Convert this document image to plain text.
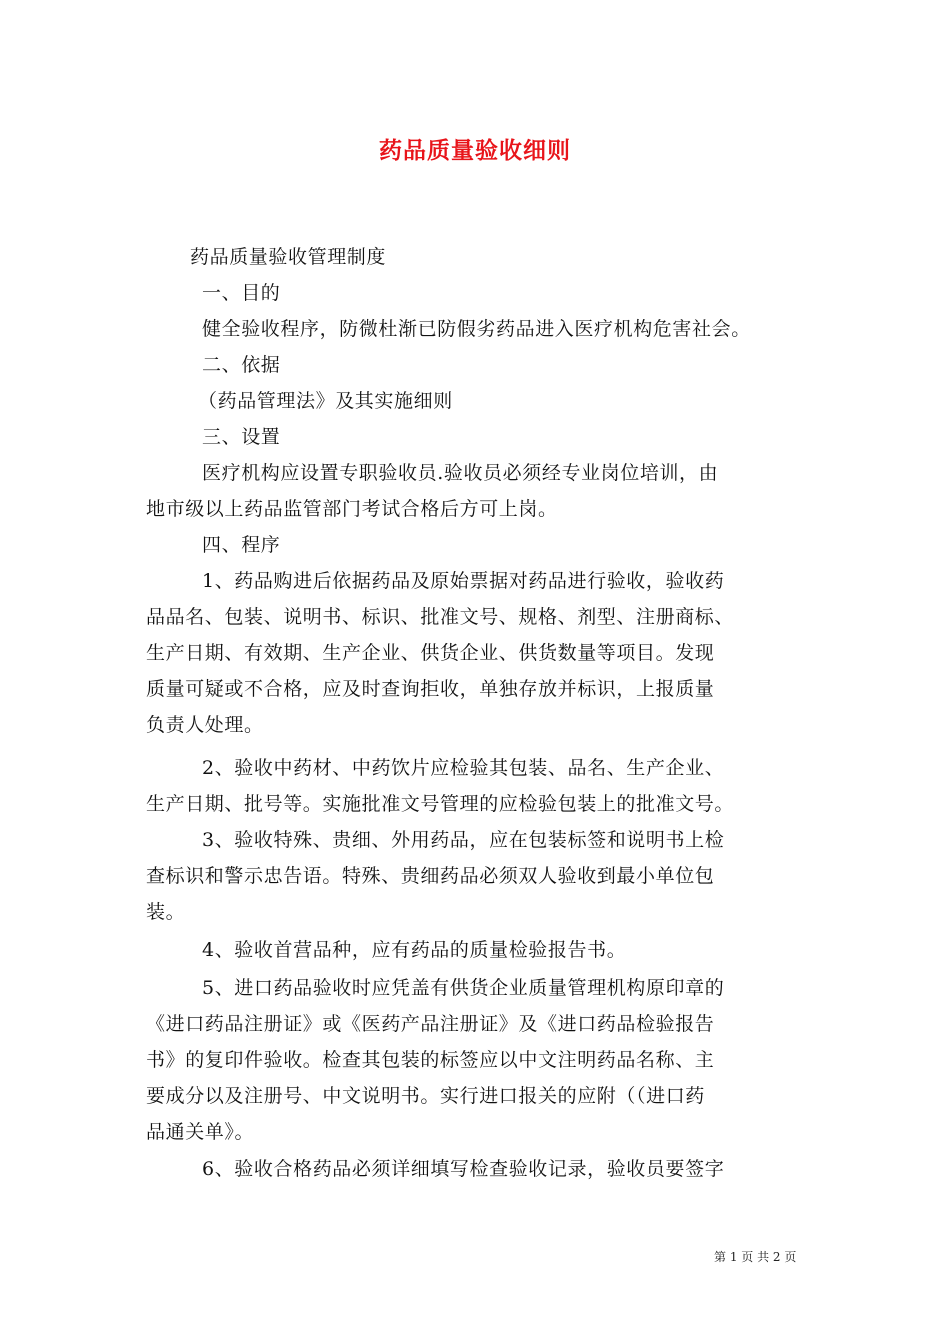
药品质量验收细则
药品质量验收管理制度
一、目的
健全验收程序，防微杜渐已防假劣药品进入医疗机构危害社会。
二、依据
（药品管理法》及其实施细则
三、设置
医疗机构应设置专职验收员.验收员必须经专业岗位培训，由
地市级以上药品监管部门考试合格后方可上岗。
四、程序
1、药品购进后依据药品及原始票据对药品进行验收，验收药
品品名、包装、说明书、标识、批准文号、规格、剂型、注册商标、
生产日期、有效期、生产企业、供货企业、供货数量等项目。发现
质量可疑或不合格，应及时查询拒收，单独存放并标识，上报质量
负责人处理。
2、验收中药材、中药饮片应检验其包装、品名、生产企业、
生产日期、批号等。实施批准文号管理的应检验包装上的批准文号。
3、验收特殊、贵细、外用药品，应在包装标签和说明书上检
查标识和警示忠告语。特殊、贵细药品必须双人验收到最小单位包
装。
4、验收首营品种，应有药品的质量检验报告书。
5、进口药品验收时应凭盖有供货企业质量管理机构原印章的
《进口药品注册证》或《医药产品注册证》及《进口药品检验报告
书》的复印件验收。检查其包装的标签应以中文注明药品名称、主
要成分以及注册号、中文说明书。实行进口报关的应附（（进口药
品通关单》。
6、验收合格药品必须详细填写检查验收记录，验收员要签字
第 1 页 共 2 页
